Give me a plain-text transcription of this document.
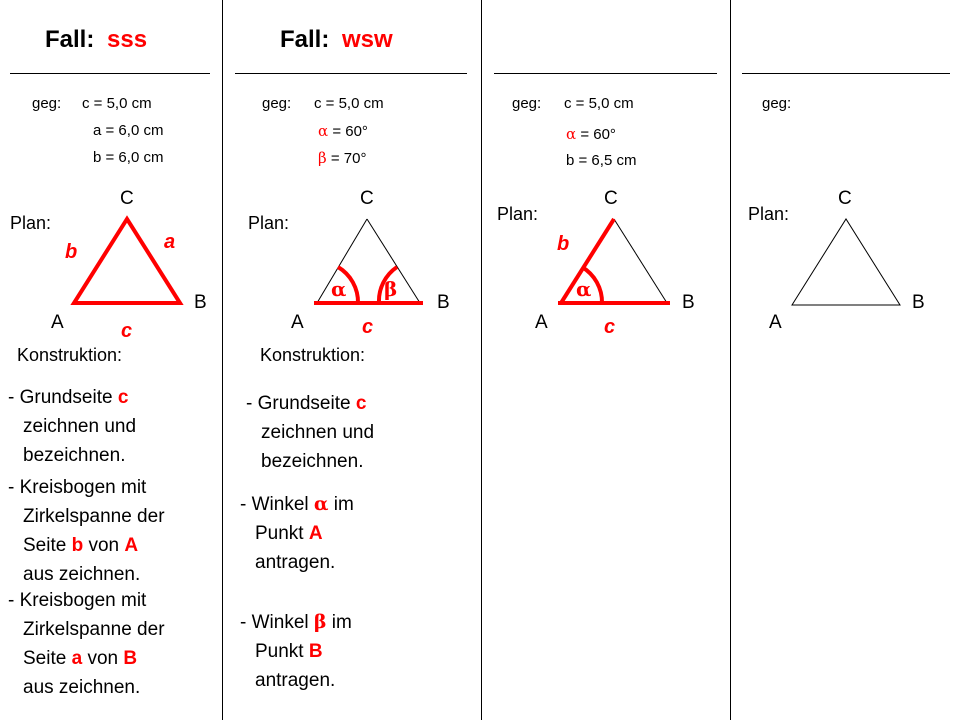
Fall: sss
geg: c = 5,0 cm
a = 6,0 cm
b = 6,0 cm
Plan:
C
A
B
b	a
c
Konstruktion:
- Grundseite c
zeichnen und
bezeichnen.
- Kreisbogen mit
Zirkelspanne der
Seite b von A
aus zeichnen.
- Kreisbogen mit
Zirkelspanne der
Seite a von B
aus zeichnen.
Fall: wsw
geg: c = 5,0 cm
α = 60°
β = 70°
Plan:
C
A
B
α β
c
Konstruktion:
- Grundseite c
zeichnen und
bezeichnen.
- Winkel α im
Punkt A
antragen.
- Winkel β im
Punkt B
antragen.
geg: c = 5,0 cm
α = 60°
b = 6,5 cm
Plan:
C
A
B
b
α
c
geg:
Plan:
C
A
B
